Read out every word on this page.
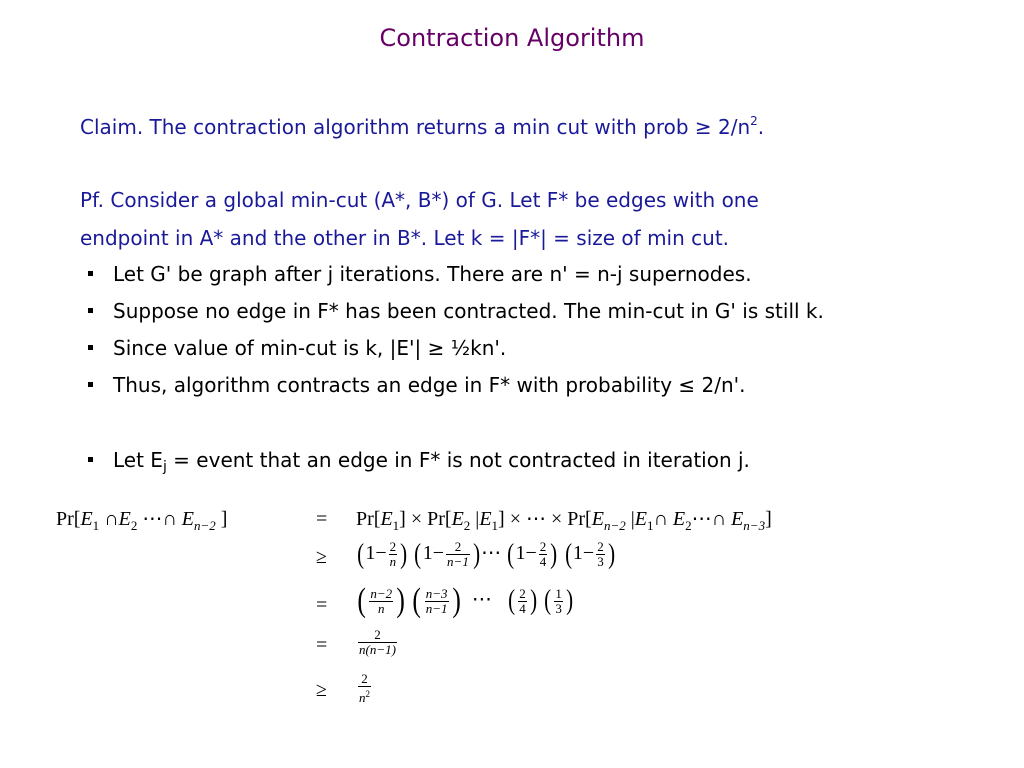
Contraction Algorithm
Claim. The contraction algorithm returns a min cut with prob ≥ $2/n^2$.
Pf. Consider a global min-cut (A*, B*) of G. Let F* be edges with one
endpoint in A* and the other in B*. Let k = |F*| = size of min cut.
Let G' be graph after j iterations. There are n' = n-j supernodes.
Suppose no edge in F* has been contracted. The min-cut in G' is still k.
Since value of min-cut is k, |E'| ≥ ½kn'.
Thus, algorithm contracts an edge in F* with probability ≤ 2/n'.
Let $E_j$ = event that an edge in F* is not contracted in iteration j.
$Pr[E_1$ $\cap E_2$ ⋯∩ $E_{n-2}$ ]	=
≥
=
=
≥
$Pr[E_1] \times Pr[E_2$ $|E_1$] × ⋯ × $Pr[E_{n-2}$ $|E_1\cap$ $E_2\cdots\cap$ $E_{n-3}$]
($1- \frac{2}{n}$ ) ($1- \frac{2}{n-1}$ )⋯ ($1- \frac{2}{4}$ ) ($1- \frac{2}{3}$ )
( $\frac{n-2}{n}$ ) ( $\frac{n-3}{n-1}$ ) ⋯ ( $\frac{2}{4}$ ) ( $\frac{1}{3}$ )
$\frac{2}{n(n-1)}$
$\frac{2}{n^2}$
